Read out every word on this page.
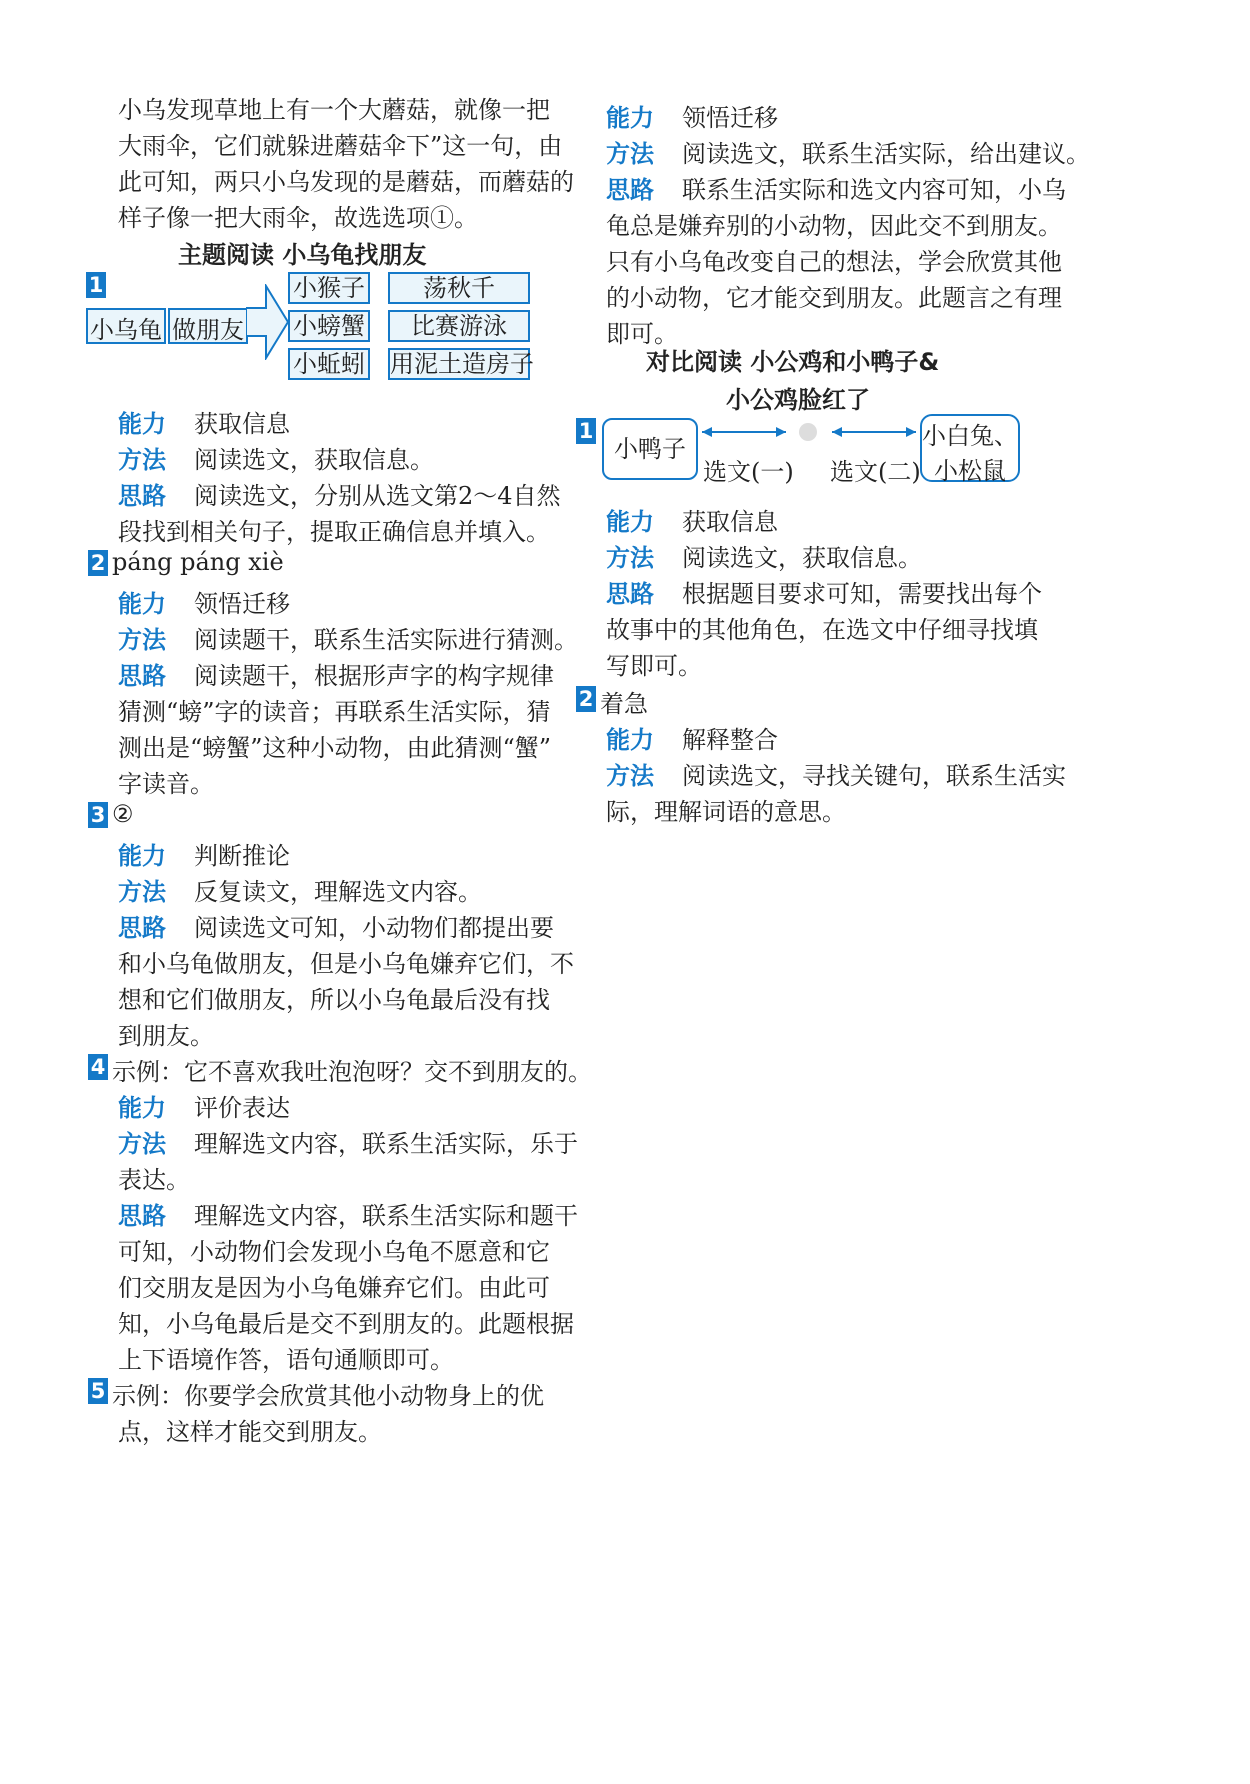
小乌发现草地上有一个大蘑菇，就像一把
大雨伞，它们就躲进蘑菇伞下”这一句，由
此可知，两只小乌发现的是蘑菇，而蘑菇的
样子像一把大雨伞，故选选项①。
主题阅读 小乌龟找朋友
1
小乌龟 做朋友
小猴子	荡秋千
小螃蟹	比赛游泳
小蚯蚓 用泥土造房子
能力 获取信息
方法 阅读选文，获取信息。
思路 阅读选文，分别从选文第2～4自然
段找到相关句子，提取正确信息并填入。
2 páng páng xiè
能力 领悟迁移
方法 阅读题干，联系生活实际进行猜测。
思路 阅读题干，根据形声字的构字规律
猜测“螃”字的读音；再联系生活实际，猜
测出是“螃蟹”这种小动物，由此猜测“蟹”
字读音。
3 ②
能力 判断推论
方法 反复读文，理解选文内容。
思路 阅读选文可知，小动物们都提出要
和小乌龟做朋友，但是小乌龟嫌弃它们，不
想和它们做朋友，所以小乌龟最后没有找
到朋友。
4 示例：它不喜欢我吐泡泡呀？交不到朋友的。
能力 评价表达
方法 理解选文内容，联系生活实际，乐于
表达。
思路 理解选文内容，联系生活实际和题干
可知，小动物们会发现小乌龟不愿意和它
们交朋友是因为小乌龟嫌弃它们。由此可
知，小乌龟最后是交不到朋友的。此题根据
上下语境作答，语句通顺即可。
5 示例：你要学会欣赏其他小动物身上的优
点，这样才能交到朋友。
能力 领悟迁移
方法 阅读选文，联系生活实际，给出建议。
思路 联系生活实际和选文内容可知，小乌
龟总是嫌弃别的小动物，因此交不到朋友。
只有小乌龟改变自己的想法，学会欣赏其他
的小动物，它才能交到朋友。此题言之有理
即可。
能力 获取信息
方法 阅读选文，获取信息。
思路 根据题目要求可知，需要找出每个
故事中的其他角色，在选文中仔细寻找填
写即可。
2 着急
能力 解释整合
方法 阅读选文，寻找关键句，联系生活实
际，理解词语的意思。
对比阅读 小公鸡和小鸭子&
小公鸡脸红了
1
小鸭子	小白兔、
小松鼠
选文(一) 选文(二)
